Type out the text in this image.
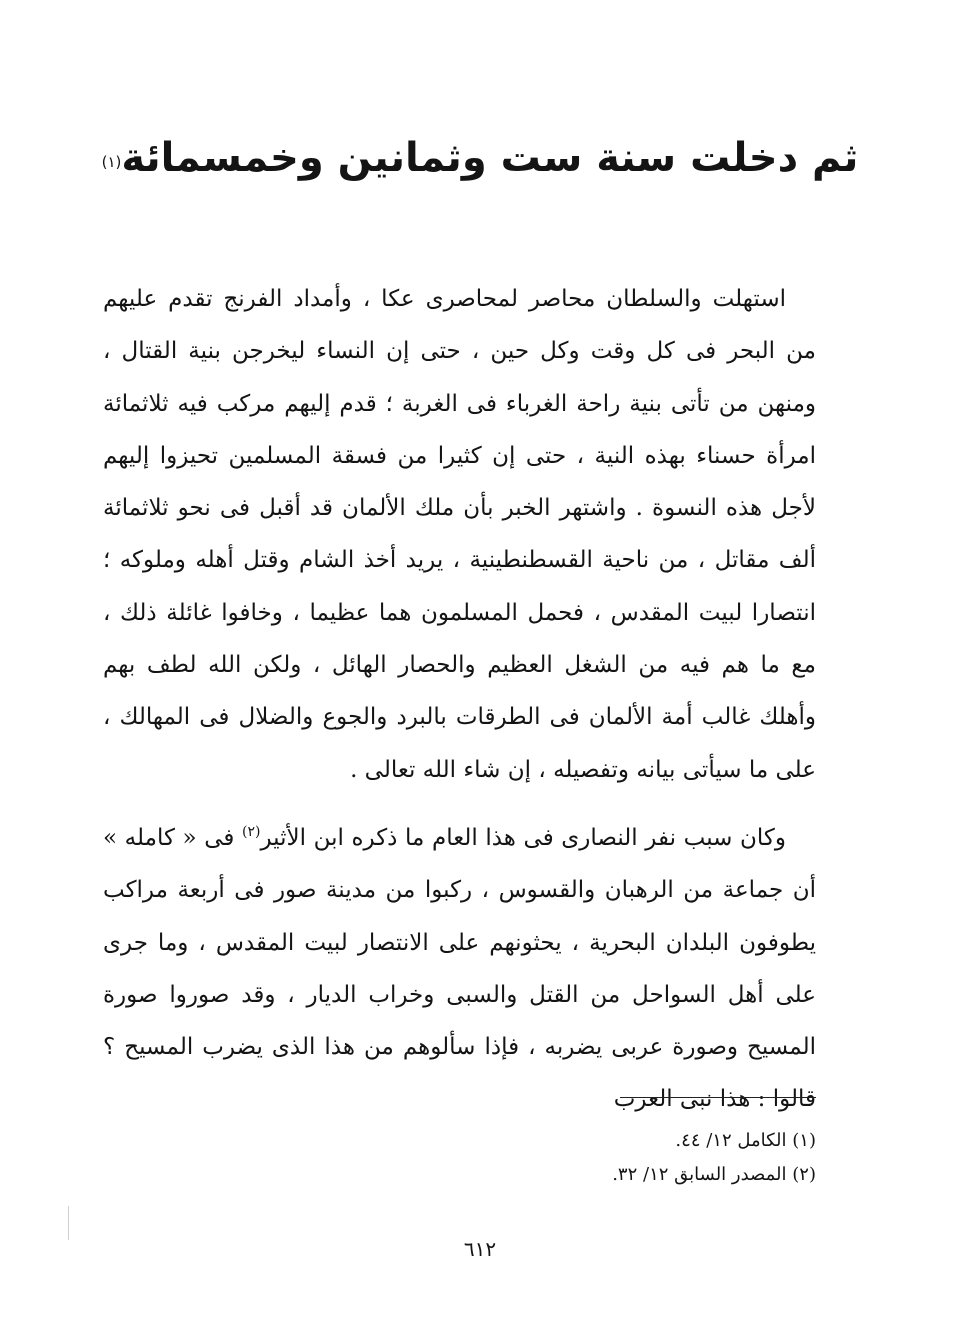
ثم دخلت سنة ست وثمانين وخمسمائة$^{(١)}$

استهلت والسلطان محاصر لمحاصرى عكا ، وأمداد الفرنج تقدم عليهم من البحر فى كل وقت وكل حين ، حتى إن النساء ليخرجن بنية القتال ، ومنهن من تأتى بنية راحة الغرباء فى الغربة ؛ قدم إليهم مركب فيه ثلاثمائة امرأة حسناء بهذه النية ، حتى إن كثيرا من فسقة المسلمين تحيزوا إليهم لأجل هذه النسوة . واشتهر الخبر بأن ملك الألمان قد أقبل فى نحو ثلاثمائة ألف مقاتل ، من ناحية القسطنطينية ، يريد أخذ الشام وقتل أهله وملوكه ؛ انتصارا لبيت المقدس ، فحمل المسلمون هما عظيما ، وخافوا غائلة ذلك ، مع ما هم فيه من الشغل العظيم والحصار الهائل ، ولكن الله لطف بهم وأهلك غالب أمة الألمان فى الطرقات بالبرد والجوع والضلال فى المهالك ، على ما سيأتى بيانه وتفصيله ، إن شاء الله تعالى .

وكان سبب نفر النصارى فى هذا العام ما ذكره ابن الأثير$^{(٢)}$ فى « كامله » أن جماعة من الرهبان والقسوس ، ركبوا من مدينة صور فى أربعة مراكب يطوفون البلدان البحرية ، يحثونهم على الانتصار لبيت المقدس ، وما جرى على أهل السواحل من القتل والسبى وخراب الديار ، وقد صوروا صورة المسيح وصورة عربى يضربه ، فإذا سألوهم من هذا الذى يضرب المسيح ؟ قالوا : هذا نبى العرب

(١) الكامل ١٢/ ٤٤.
(٢) المصدر السابق ١٢/ ٣٢.
٦١٢
